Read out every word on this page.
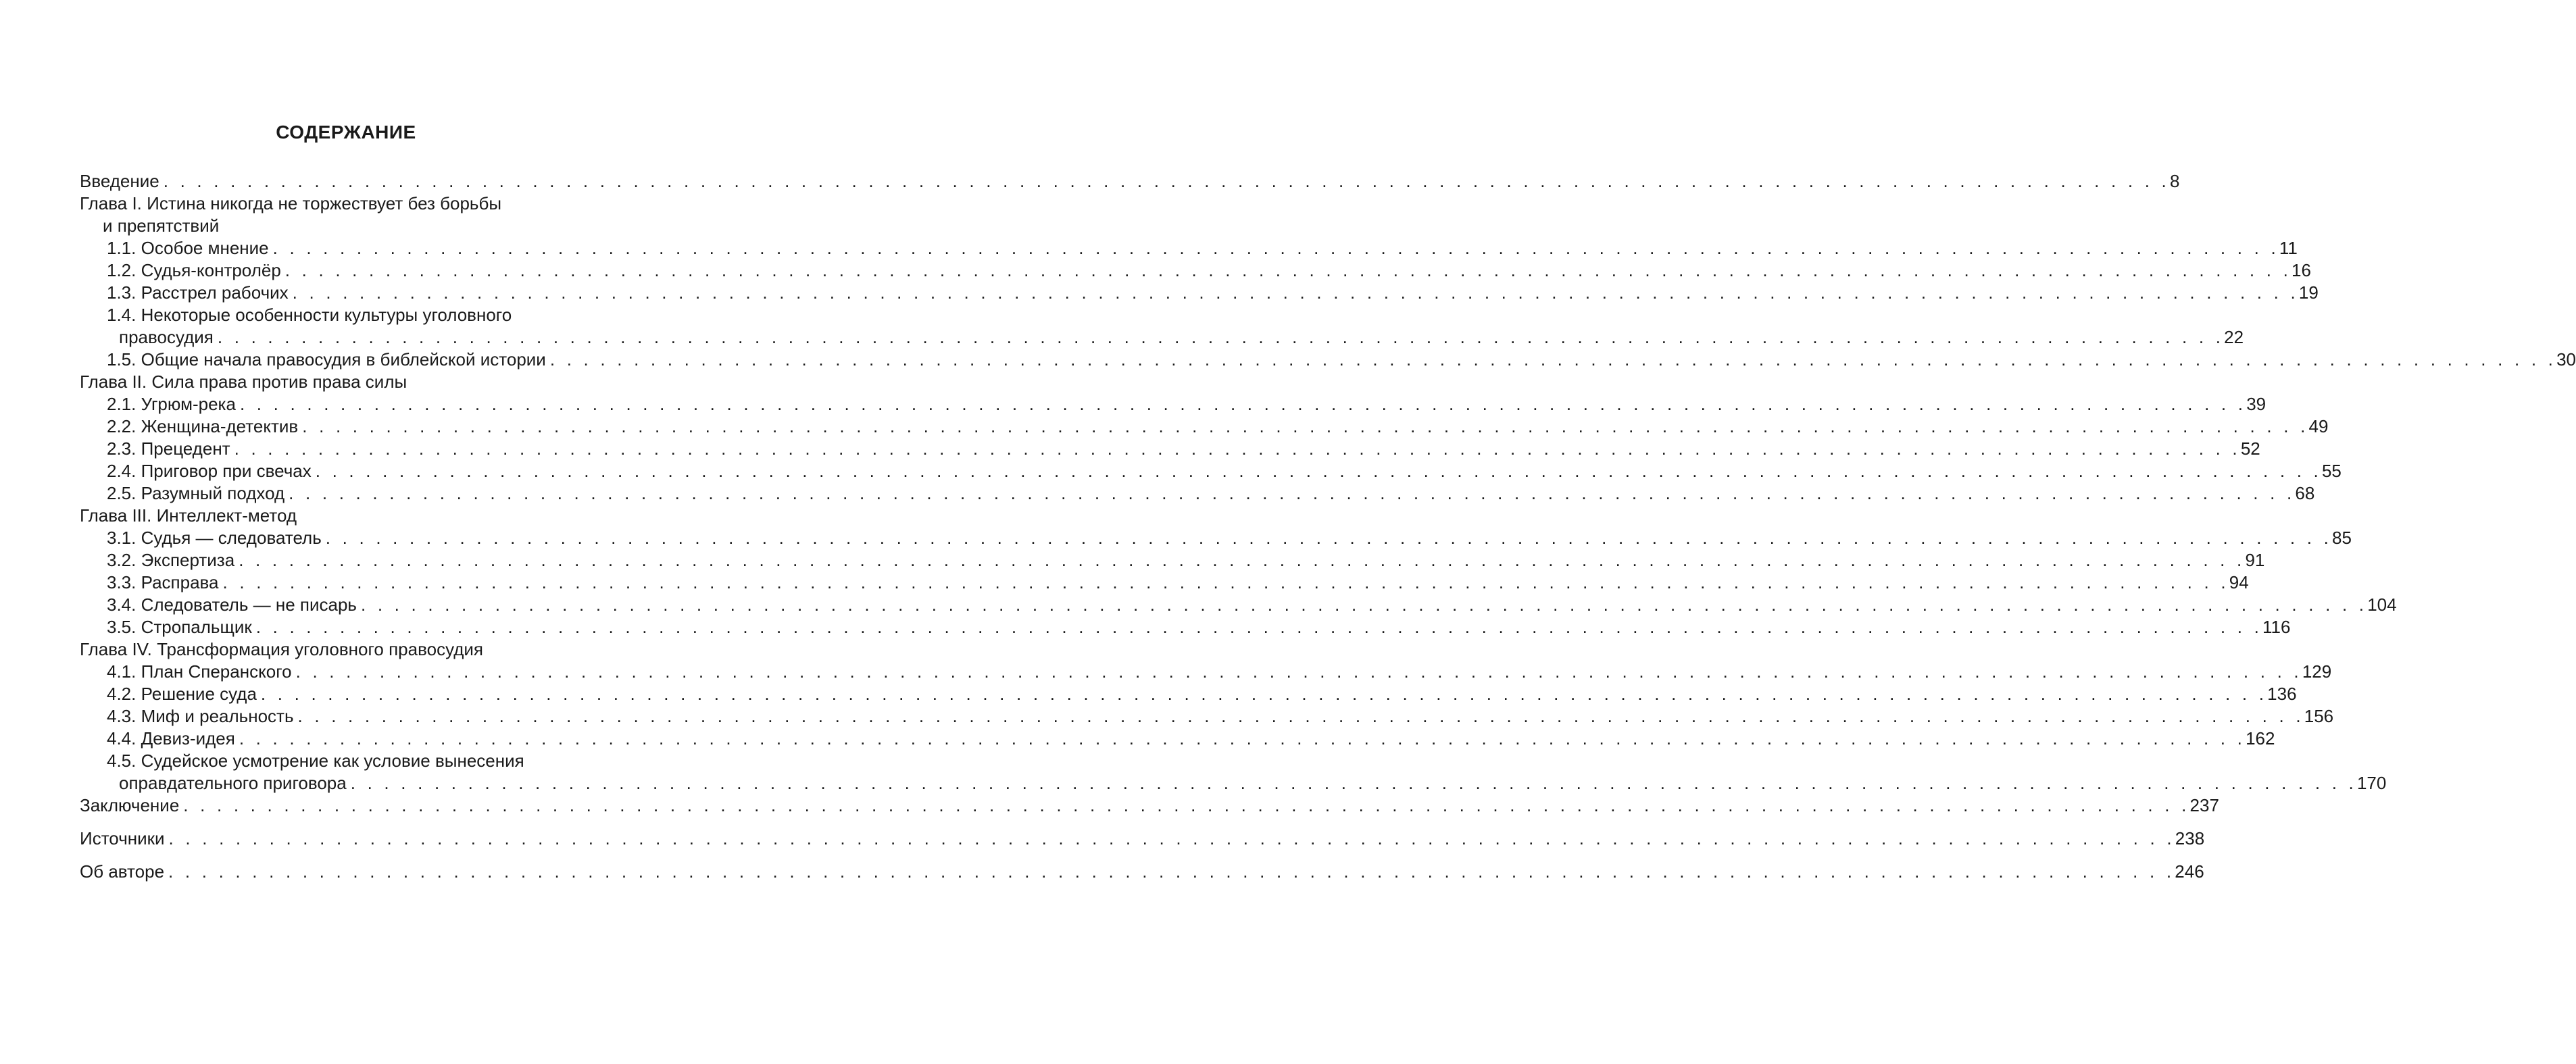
СОДЕРЖАНИЕ
Введение . . . . . . . . . . . . . . . . . . . . . . . . . . . . . . . . . . . . . . . . . . . . . . . . . . . . . . . . . . . . . . . . . . . . . . . . . . . . . . . . . . . . . . . . . . . . . . . . . . . . . . . . . . . . . . . . . . . . . . . . 8
Глава I. Истина никогда не торжествует без борьбы
и препятствий
1.1. Особое мнение . . . . . . . . . . . . . . . . . . . . . . . . . . . . . . . . . . . . . . . . . . . . . . . . . . . . . . . . . . . . . . . . . . . . . . . . . . . . . . . . . . . . . . . . . . . . . . . . . . . . . . . . . . . . . . . . . . . . . . . . 11
1.2. Судья-контролёр . . . . . . . . . . . . . . . . . . . . . . . . . . . . . . . . . . . . . . . . . . . . . . . . . . . . . . . . . . . . . . . . . . . . . . . . . . . . . . . . . . . . . . . . . . . . . . . . . . . . . . . . . . . . . . . . . . . . . . . . 16
1.3. Расстрел рабочих . . . . . . . . . . . . . . . . . . . . . . . . . . . . . . . . . . . . . . . . . . . . . . . . . . . . . . . . . . . . . . . . . . . . . . . . . . . . . . . . . . . . . . . . . . . . . . . . . . . . . . . . . . . . . . . . . . . . . . . . 19
1.4. Некоторые особенности культуры уголовного
правосудия . . . . . . . . . . . . . . . . . . . . . . . . . . . . . . . . . . . . . . . . . . . . . . . . . . . . . . . . . . . . . . . . . . . . . . . . . . . . . . . . . . . . . . . . . . . . . . . . . . . . . . . . . . . . . . . . . . . . . . . . 22
1.5. Общие начала правосудия в библейской истории . . . . . . . . . . . . . . . . . . . . . . . . . . . . . . . . . . . . . . . . . . . . . . . . . . . . . . . . . . . . . . . . . . . . . . . . . . . . . . . . . . . . . . . . . . . . . . . . . . . . . . . . . . . . . . . . . . . . . . . . 30
Глава II. Сила права против права силы
2.1. Угрюм-река . . . . . . . . . . . . . . . . . . . . . . . . . . . . . . . . . . . . . . . . . . . . . . . . . . . . . . . . . . . . . . . . . . . . . . . . . . . . . . . . . . . . . . . . . . . . . . . . . . . . . . . . . . . . . . . . . . . . . . . . 39
2.2. Женщина-детектив . . . . . . . . . . . . . . . . . . . . . . . . . . . . . . . . . . . . . . . . . . . . . . . . . . . . . . . . . . . . . . . . . . . . . . . . . . . . . . . . . . . . . . . . . . . . . . . . . . . . . . . . . . . . . . . . . . . . . . . . 49
2.3. Прецедент . . . . . . . . . . . . . . . . . . . . . . . . . . . . . . . . . . . . . . . . . . . . . . . . . . . . . . . . . . . . . . . . . . . . . . . . . . . . . . . . . . . . . . . . . . . . . . . . . . . . . . . . . . . . . . . . . . . . . . . . 52
2.4. Приговор при свечах . . . . . . . . . . . . . . . . . . . . . . . . . . . . . . . . . . . . . . . . . . . . . . . . . . . . . . . . . . . . . . . . . . . . . . . . . . . . . . . . . . . . . . . . . . . . . . . . . . . . . . . . . . . . . . . . . . . . . . . . 55
2.5. Разумный подход . . . . . . . . . . . . . . . . . . . . . . . . . . . . . . . . . . . . . . . . . . . . . . . . . . . . . . . . . . . . . . . . . . . . . . . . . . . . . . . . . . . . . . . . . . . . . . . . . . . . . . . . . . . . . . . . . . . . . . . . 68
Глава III. Интеллект-метод
3.1. Судья — следователь . . . . . . . . . . . . . . . . . . . . . . . . . . . . . . . . . . . . . . . . . . . . . . . . . . . . . . . . . . . . . . . . . . . . . . . . . . . . . . . . . . . . . . . . . . . . . . . . . . . . . . . . . . . . . . . . . . . . . . . . 85
3.2. Экспертиза . . . . . . . . . . . . . . . . . . . . . . . . . . . . . . . . . . . . . . . . . . . . . . . . . . . . . . . . . . . . . . . . . . . . . . . . . . . . . . . . . . . . . . . . . . . . . . . . . . . . . . . . . . . . . . . . . . . . . . . . 91
3.3. Расправа . . . . . . . . . . . . . . . . . . . . . . . . . . . . . . . . . . . . . . . . . . . . . . . . . . . . . . . . . . . . . . . . . . . . . . . . . . . . . . . . . . . . . . . . . . . . . . . . . . . . . . . . . . . . . . . . . . . . . . . . 94
3.4. Следователь — не писарь . . . . . . . . . . . . . . . . . . . . . . . . . . . . . . . . . . . . . . . . . . . . . . . . . . . . . . . . . . . . . . . . . . . . . . . . . . . . . . . . . . . . . . . . . . . . . . . . . . . . . . . . . . . . . . . . . . . . . . . . 104
3.5. Стропальщик . . . . . . . . . . . . . . . . . . . . . . . . . . . . . . . . . . . . . . . . . . . . . . . . . . . . . . . . . . . . . . . . . . . . . . . . . . . . . . . . . . . . . . . . . . . . . . . . . . . . . . . . . . . . . . . . . . . . . . . . 116
Глава IV. Трансформация уголовного правосудия
4.1. План Сперанского . . . . . . . . . . . . . . . . . . . . . . . . . . . . . . . . . . . . . . . . . . . . . . . . . . . . . . . . . . . . . . . . . . . . . . . . . . . . . . . . . . . . . . . . . . . . . . . . . . . . . . . . . . . . . . . . . . . . . . . . 129
4.2. Решение суда . . . . . . . . . . . . . . . . . . . . . . . . . . . . . . . . . . . . . . . . . . . . . . . . . . . . . . . . . . . . . . . . . . . . . . . . . . . . . . . . . . . . . . . . . . . . . . . . . . . . . . . . . . . . . . . . . . . . . . . . 136
4.3. Миф и реальность . . . . . . . . . . . . . . . . . . . . . . . . . . . . . . . . . . . . . . . . . . . . . . . . . . . . . . . . . . . . . . . . . . . . . . . . . . . . . . . . . . . . . . . . . . . . . . . . . . . . . . . . . . . . . . . . . . . . . . . . 156
4.4. Девиз-идея . . . . . . . . . . . . . . . . . . . . . . . . . . . . . . . . . . . . . . . . . . . . . . . . . . . . . . . . . . . . . . . . . . . . . . . . . . . . . . . . . . . . . . . . . . . . . . . . . . . . . . . . . . . . . . . . . . . . . . . . 162
4.5. Судейское усмотрение как условие вынесения
оправдательного приговора . . . . . . . . . . . . . . . . . . . . . . . . . . . . . . . . . . . . . . . . . . . . . . . . . . . . . . . . . . . . . . . . . . . . . . . . . . . . . . . . . . . . . . . . . . . . . . . . . . . . . . . . . . . . . . . . . . . . . . . . 170
Заключение . . . . . . . . . . . . . . . . . . . . . . . . . . . . . . . . . . . . . . . . . . . . . . . . . . . . . . . . . . . . . . . . . . . . . . . . . . . . . . . . . . . . . . . . . . . . . . . . . . . . . . . . . . . . . . . . . . . . . . . . 237
Источники . . . . . . . . . . . . . . . . . . . . . . . . . . . . . . . . . . . . . . . . . . . . . . . . . . . . . . . . . . . . . . . . . . . . . . . . . . . . . . . . . . . . . . . . . . . . . . . . . . . . . . . . . . . . . . . . . . . . . . . . 238
Об авторе . . . . . . . . . . . . . . . . . . . . . . . . . . . . . . . . . . . . . . . . . . . . . . . . . . . . . . . . . . . . . . . . . . . . . . . . . . . . . . . . . . . . . . . . . . . . . . . . . . . . . . . . . . . . . . . . . . . . . . . . 246
